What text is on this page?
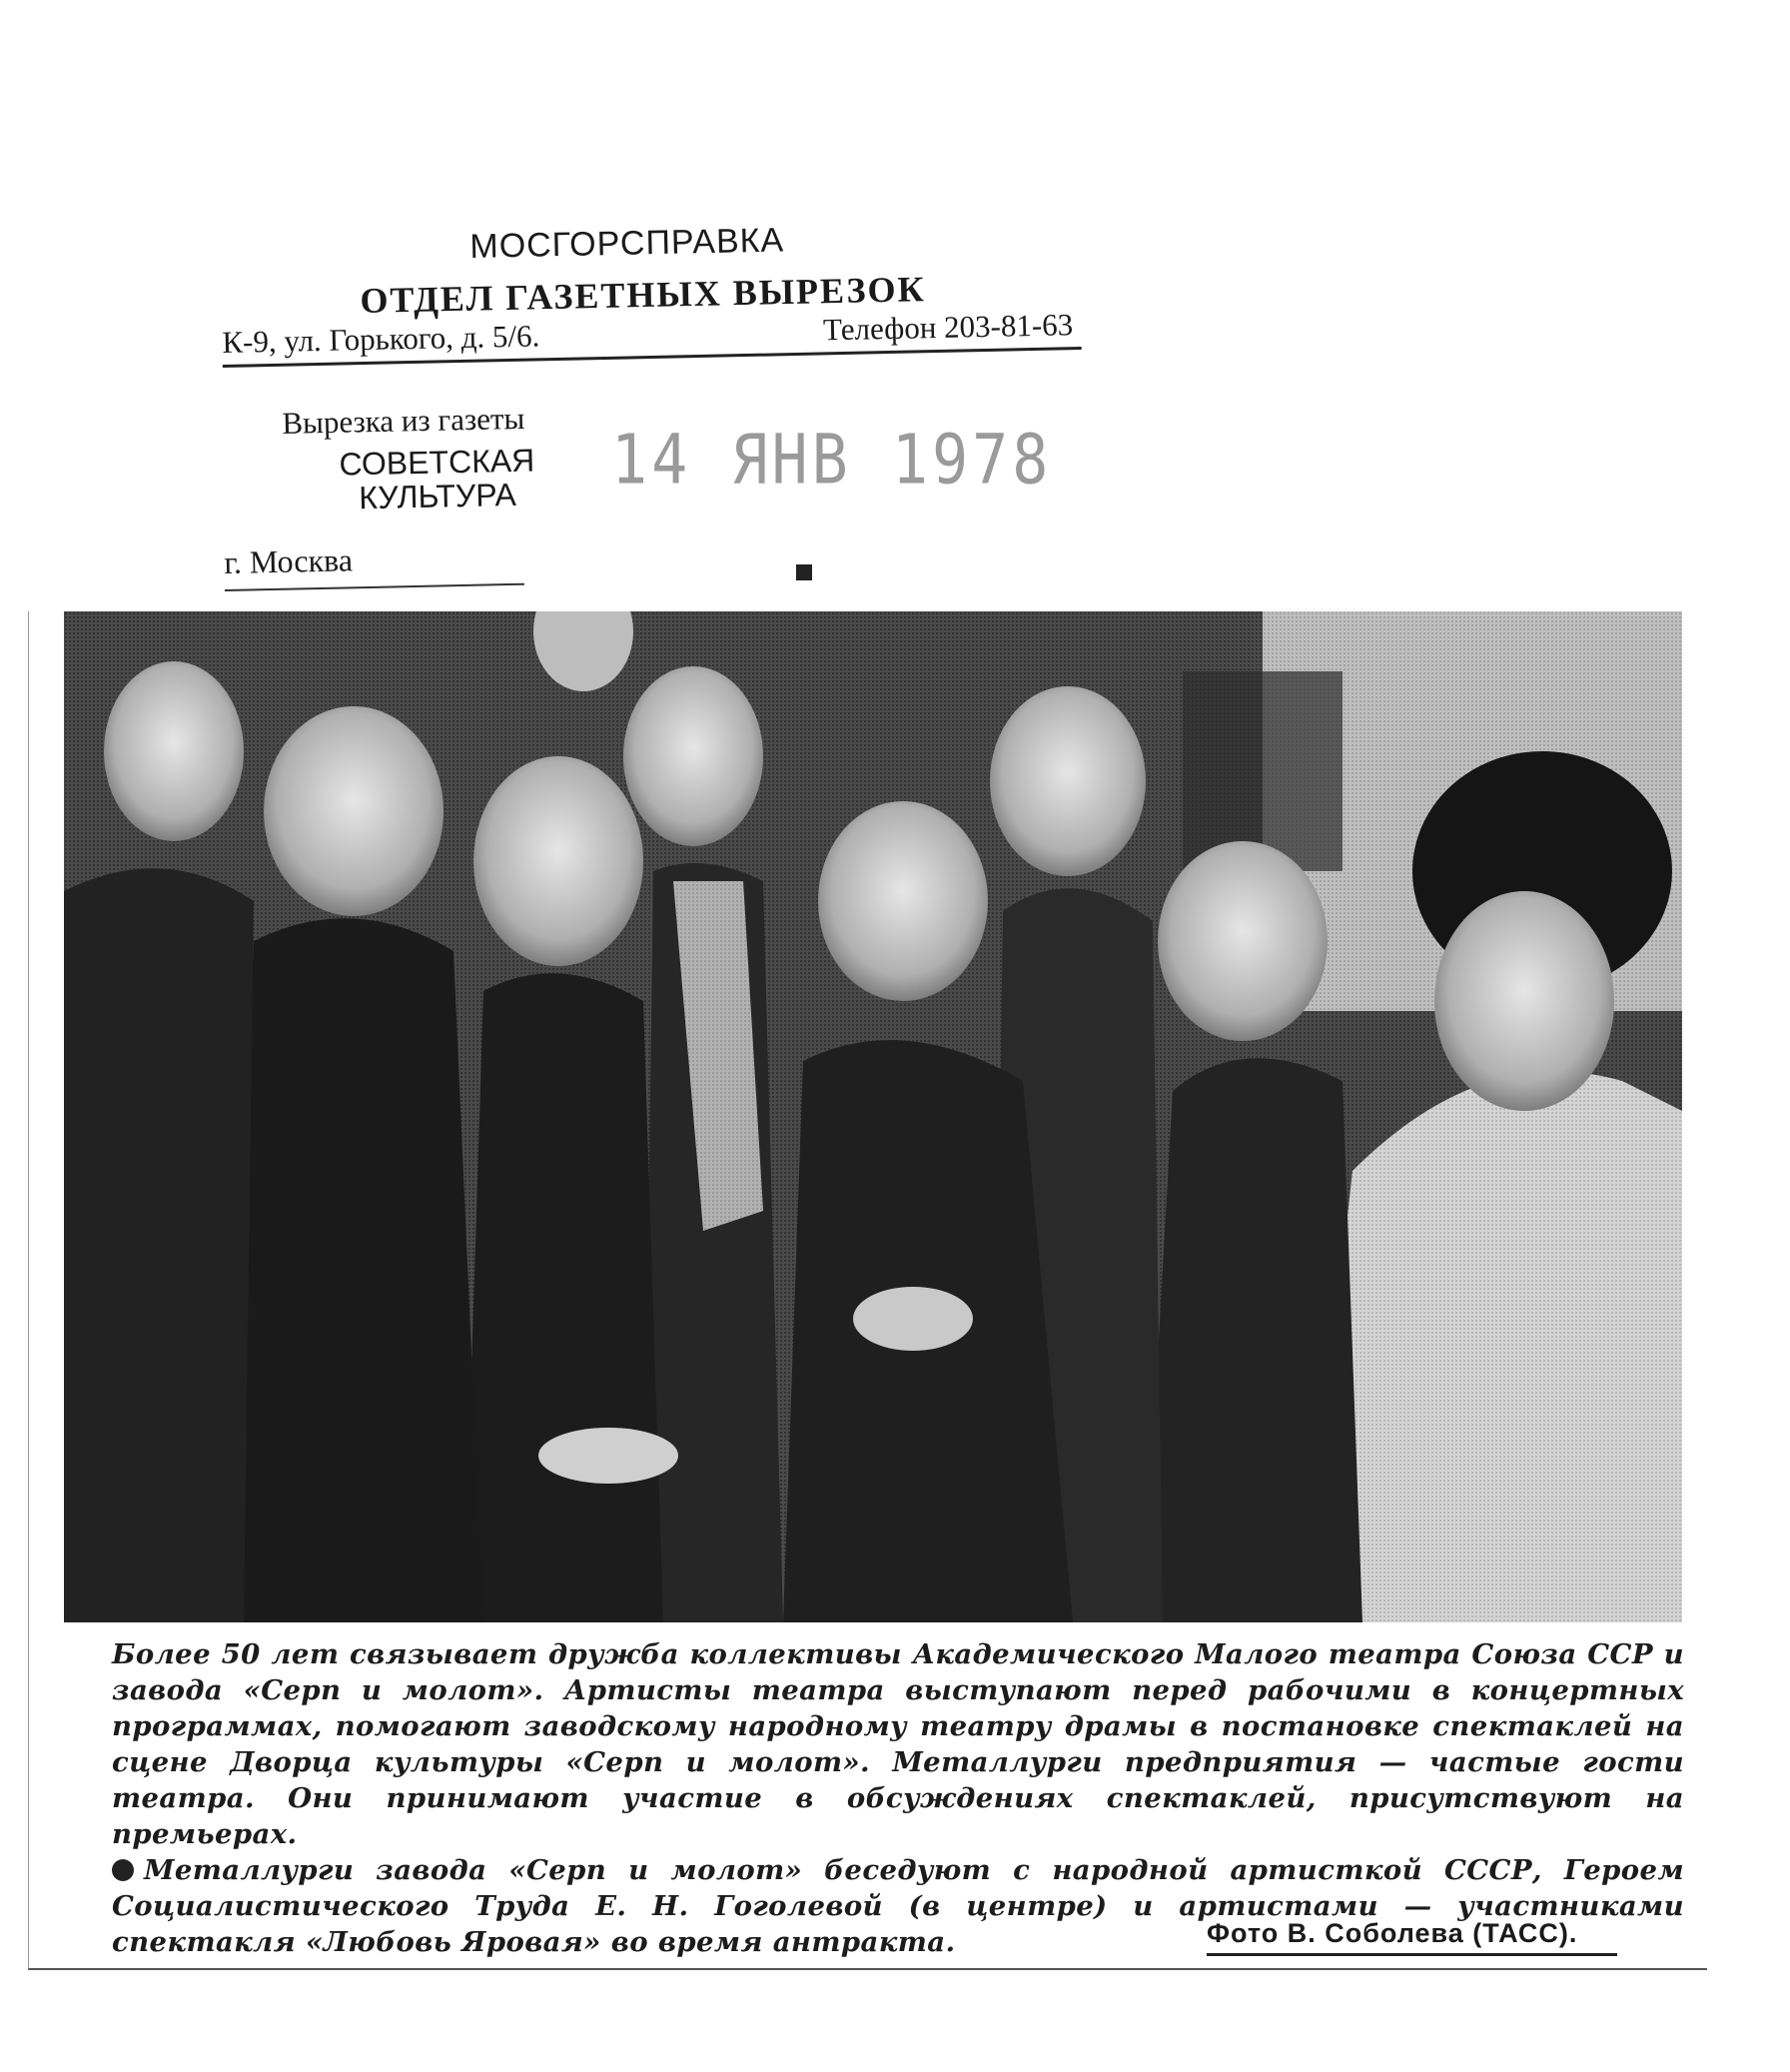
МОСГОРСПРАВКА
ОТДЕЛ ГАЗЕТНЫХ ВЫРЕЗОК
К-9, ул. Горького, д. 5/6.	Телефон 203-81-63
Вырезка из газеты
СОВЕТСКАЯ
КУЛЬТУРА	14 ЯНВ 1978
г. Москва

Более 50 лет связывает дружба коллективы Академического Малого театра Союза ССР и завода «Серп и молот». Артисты театра выступают перед рабочими в концертных программах, помогают заводскому народному театру драмы в постановке спектаклей на сцене Дворца культуры «Серп и молот». Металлурги предприятия — частые гости театра. Они принимают участие в обсуждениях спектаклей, присутствуют на премьерах.

Металлурги завода «Серп и молот» беседуют с народной артисткой СССР, Героем Социалистического Труда Е. Н. Гоголевой (в центре) и артистами — участниками спектакля «Любовь Яровая» во время антракта.	Фото В. Соболева (ТАСС).
